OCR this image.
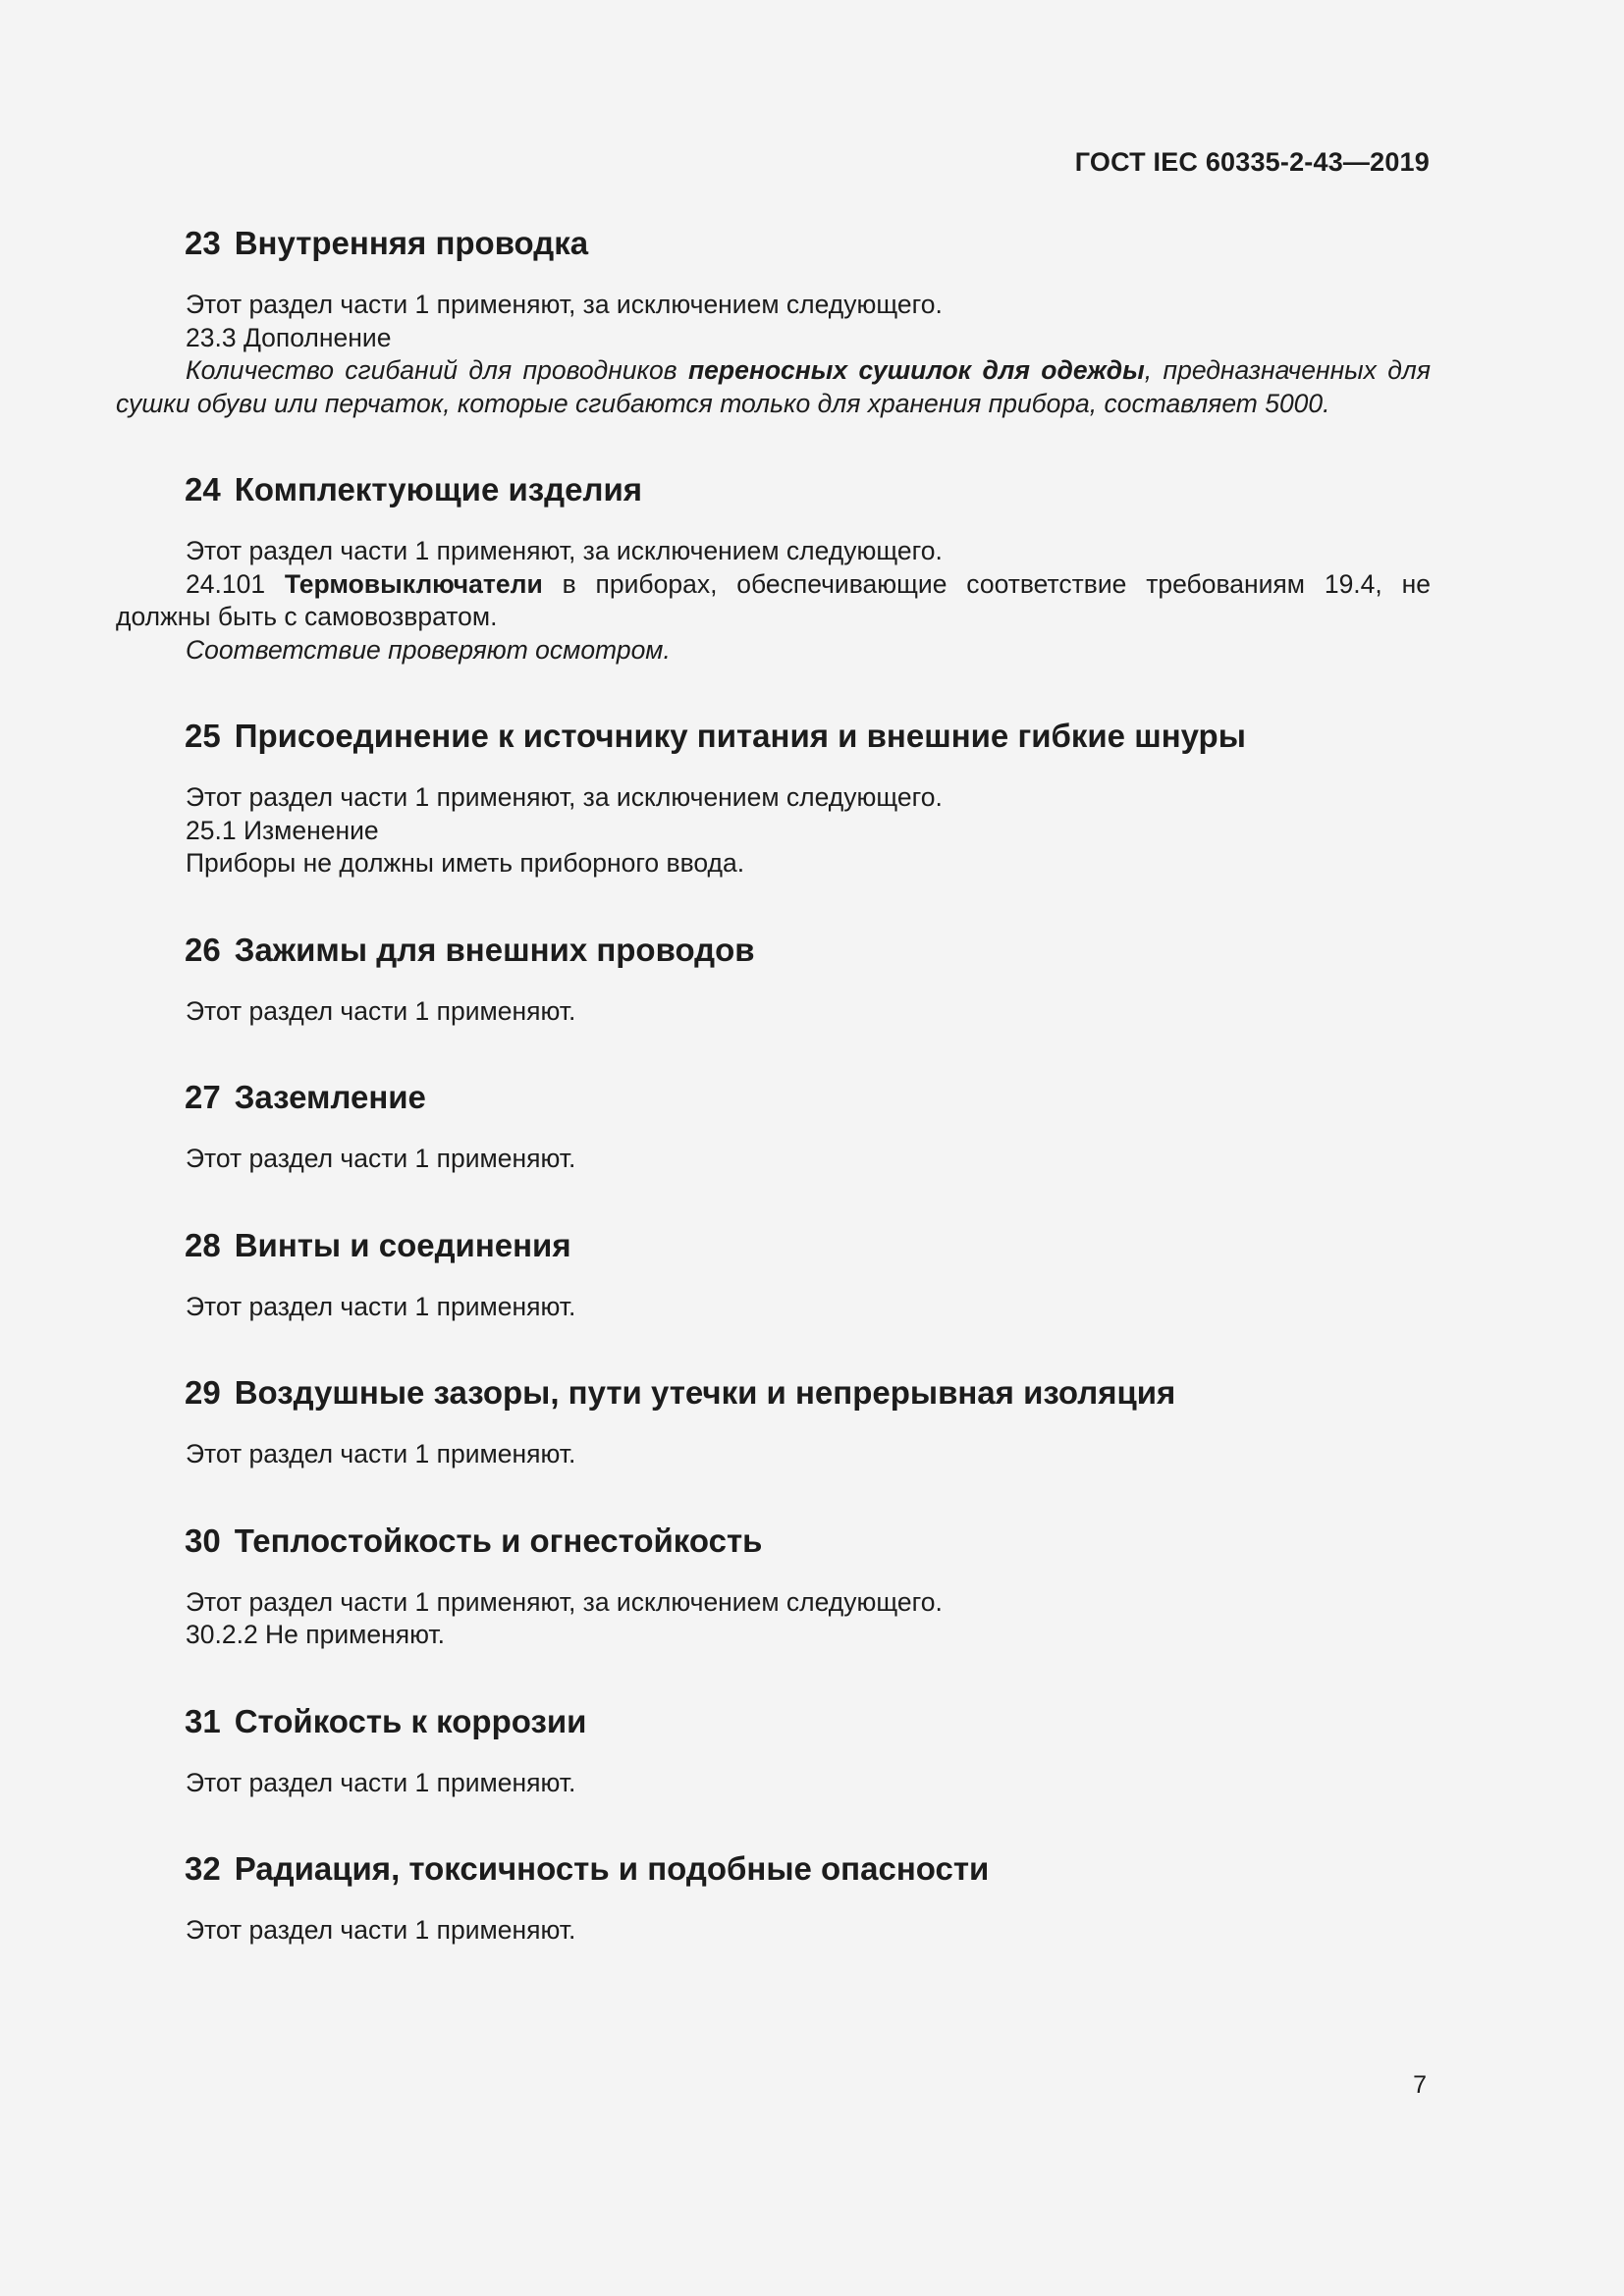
ГОСТ IEC 60335-2-43—2019
23 Внутренняя проводка

Этот раздел части 1 применяют, за исключением следующего.

23.3 Дополнение

Количество сгибаний для проводников переносных сушилок для одежды, предназначенных для сушки обуви или перчаток, которые сгибаются только для хранения прибора, составляет 5000.

24 Комплектующие изделия

Этот раздел части 1 применяют, за исключением следующего.

24.101 Термовыключатели в приборах, обеспечивающие соответствие требованиям 19.4, не должны быть с самовозвратом.

Соответствие проверяют осмотром.

25 Присоединение к источнику питания и внешние гибкие шнуры

Этот раздел части 1 применяют, за исключением следующего.

25.1 Изменение

Приборы не должны иметь приборного ввода.

26 Зажимы для внешних проводов

Этот раздел части 1 применяют.

27 Заземление

Этот раздел части 1 применяют.

28 Винты и соединения

Этот раздел части 1 применяют.

29 Воздушные зазоры, пути утечки и непрерывная изоляция

Этот раздел части 1 применяют.

30 Теплостойкость и огнестойкость

Этот раздел части 1 применяют, за исключением следующего.

30.2.2 Не применяют.

31 Стойкость к коррозии

Этот раздел части 1 применяют.

32 Радиация, токсичность и подобные опасности

Этот раздел части 1 применяют.

7
